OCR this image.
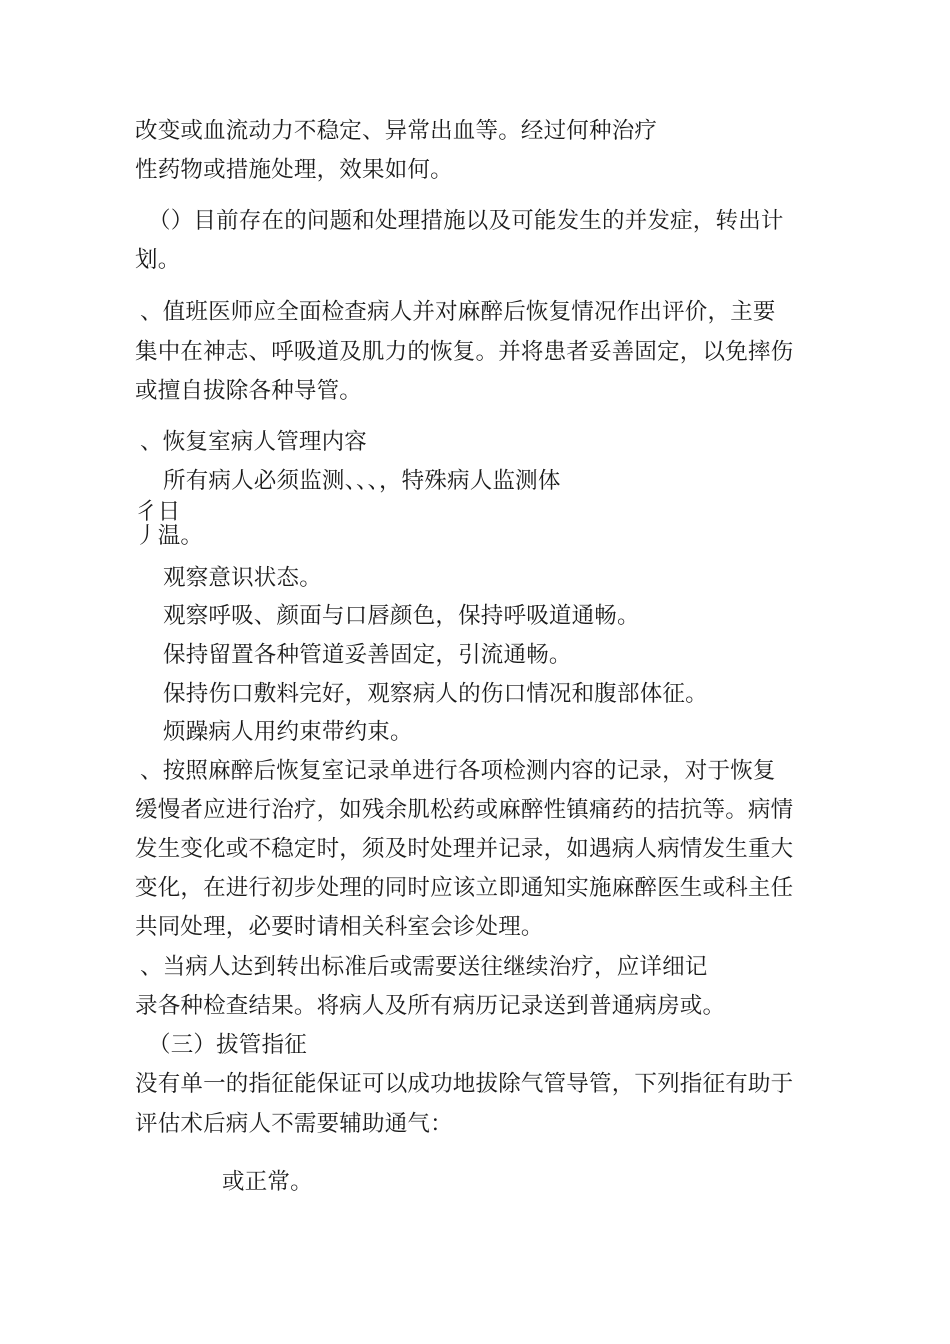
改变或血流动力不稳定、异常出血等。经过何种治疗
性药物或措施处理，效果如何。
（）目前存在的问题和处理措施以及可能发生的并发症，转出计
划。
、值班医师应全面检查病人并对麻醉后恢复情况作出评价，主要
集中在神志、呼吸道及肌力的恢复。并将患者妥善固定，以免摔伤
或擅自拔除各种导管。
、恢复室病人管理内容
所有病人必须监测、、、，特殊病人监测体
彳日
丿温。
观察意识状态。
观察呼吸、颜面与口唇颜色，保持呼吸道通畅。
保持留置各种管道妥善固定，引流通畅。
保持伤口敷料完好，观察病人的伤口情况和腹部体征。
烦躁病人用约束带约束。
、按照麻醉后恢复室记录单进行各项检测内容的记录，对于恢复
缓慢者应进行治疗，如残余肌松药或麻醉性镇痛药的拮抗等。病情
发生变化或不稳定时，须及时处理并记录，如遇病人病情发生重大
变化，在进行初步处理的同时应该立即通知实施麻醉医生或科主任
共同处理，必要时请相关科室会诊处理。
、当病人达到转出标准后或需要送往继续治疗，应详细记
录各种检查结果。将病人及所有病历记录送到普通病房或。
（三）拔管指征
没有单一的指征能保证可以成功地拔除气管导管，下列指征有助于
评估术后病人不需要辅助通气：
或正常。
